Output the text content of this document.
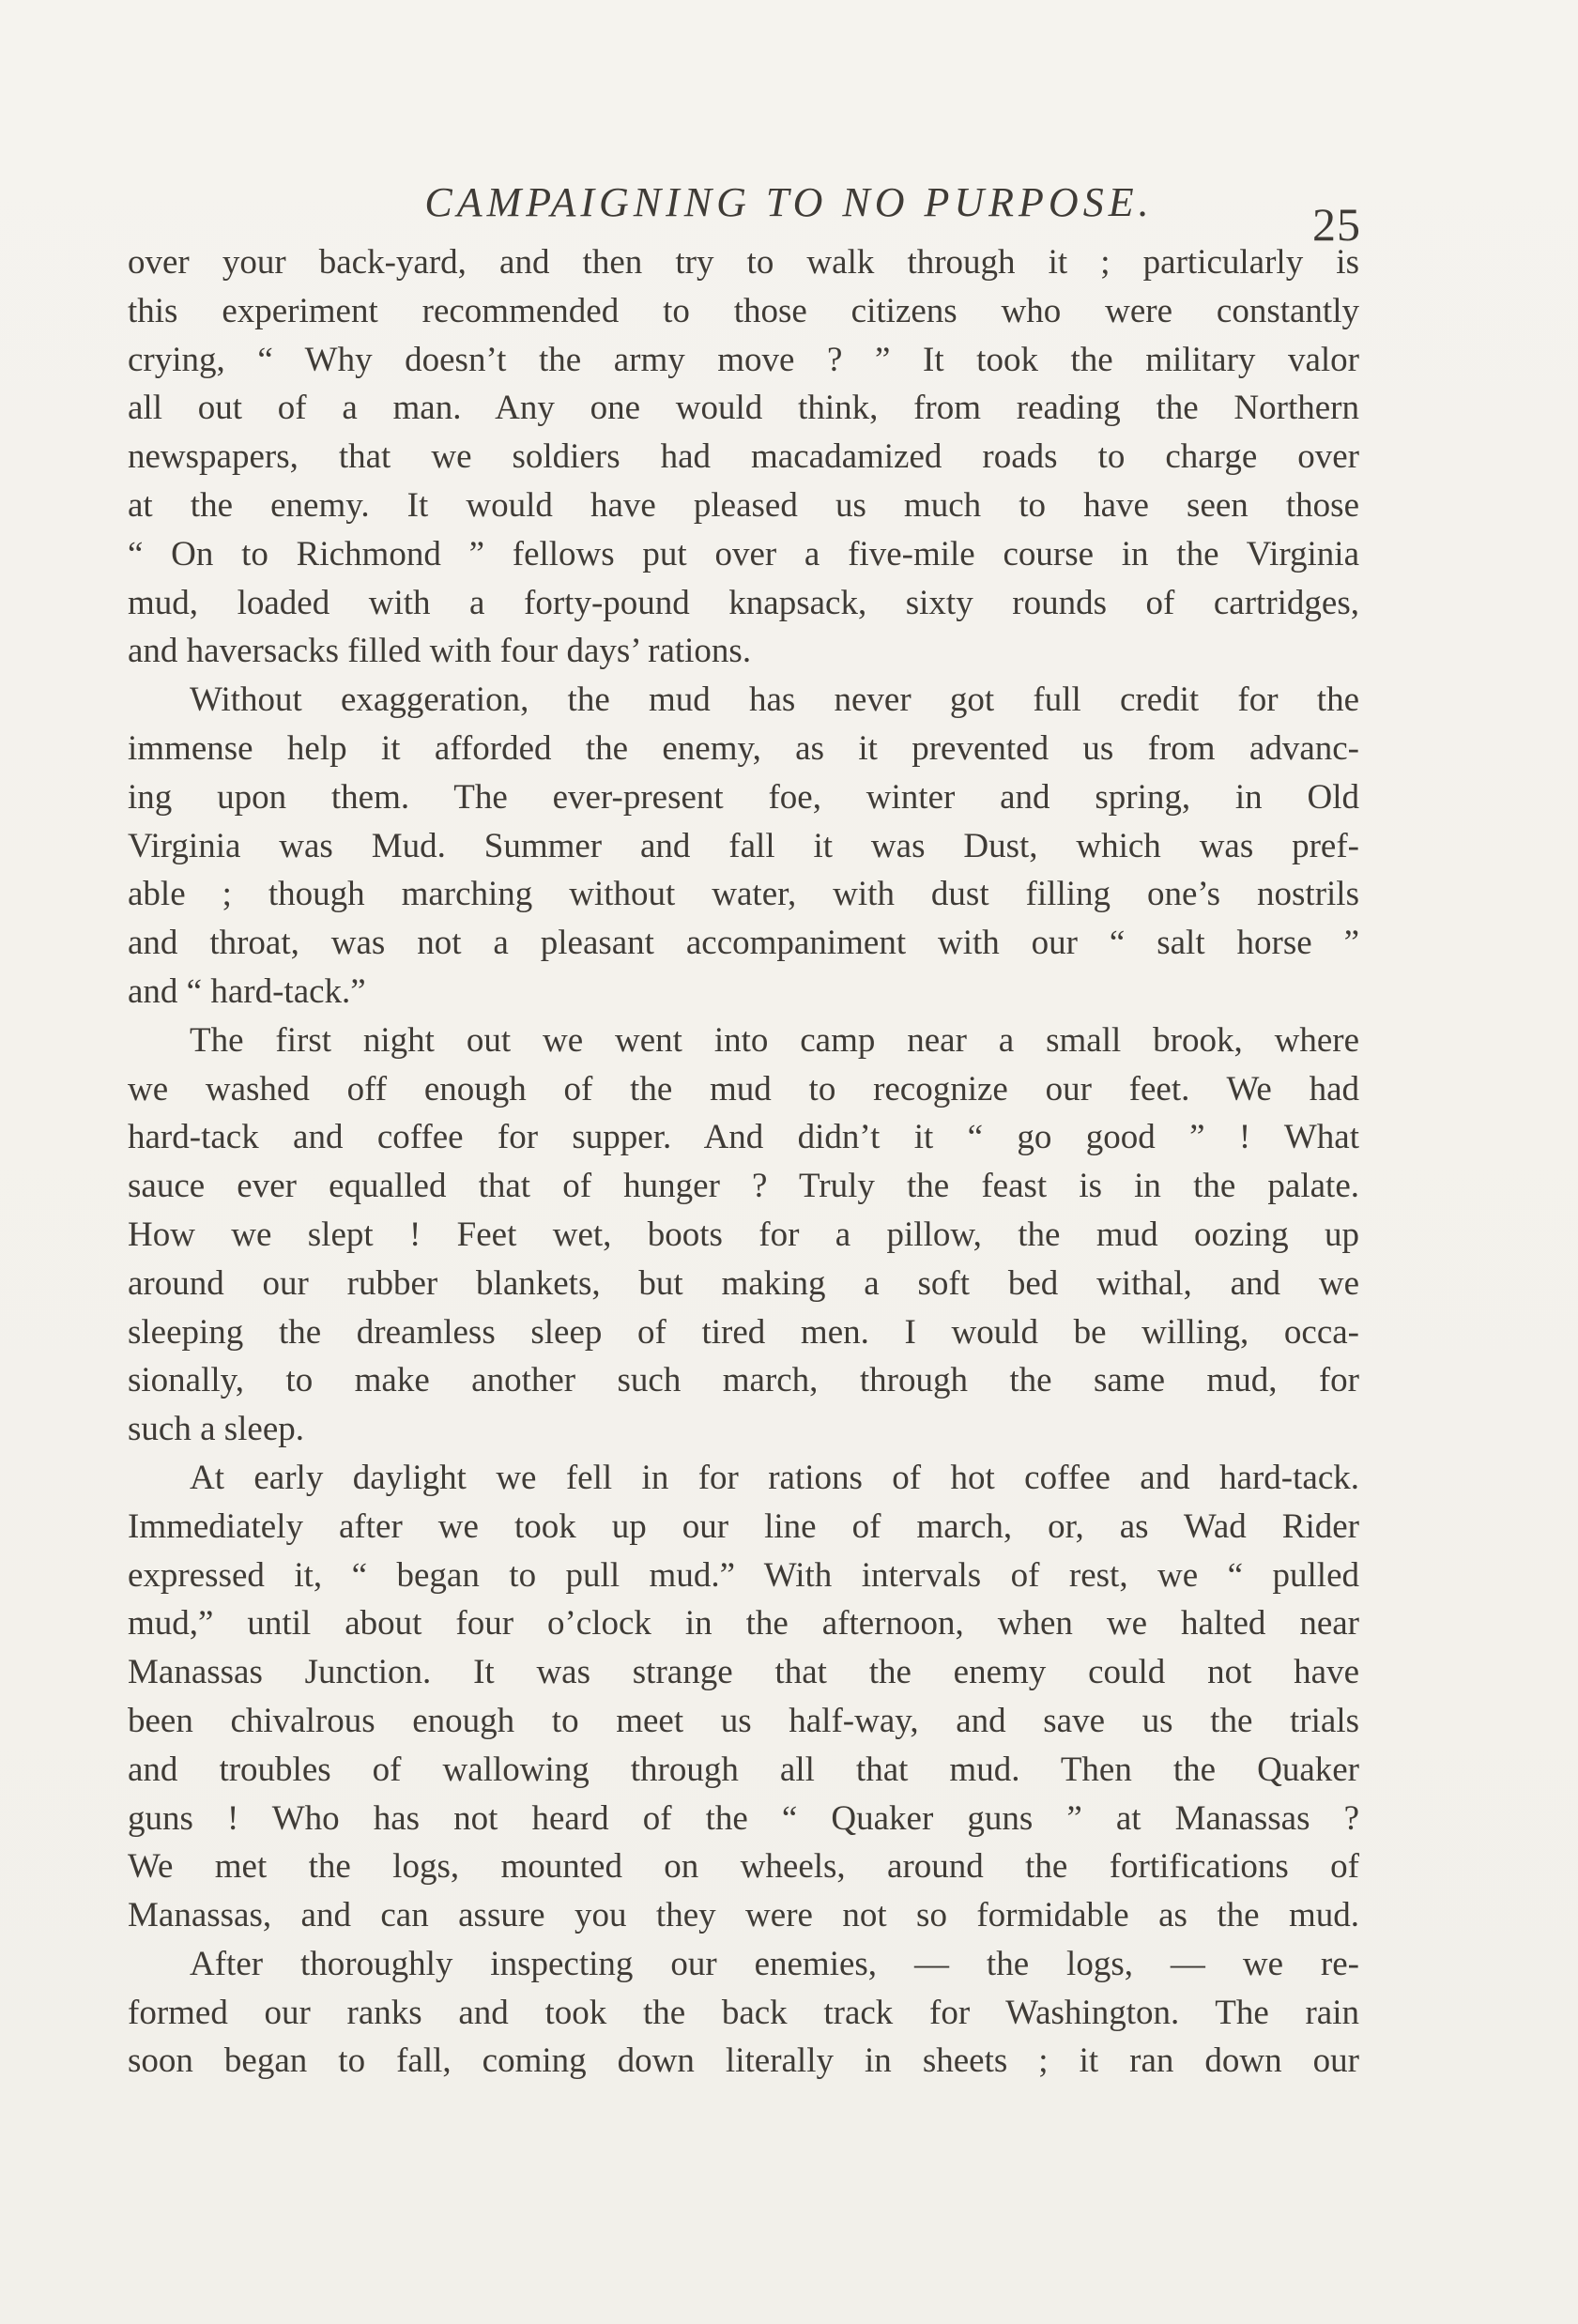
CAMPAIGNING TO NO PURPOSE.	25
over your back-yard, and then try to walk through it ; particularly is
this experiment recommended to those citizens who were constantly
crying, “ Why doesn’t the army move ? ” It took the military valor
all out of a man. Any one would think, from reading the Northern
newspapers, that we soldiers had macadamized roads to charge over
at the enemy. It would have pleased us much to have seen those
“ On to Richmond ” fellows put over a five-mile course in the Virginia
mud, loaded with a forty-pound knapsack, sixty rounds of cartridges,
and haversacks filled with four days’ rations.
Without exaggeration, the mud has never got full credit for the
immense help it afforded the enemy, as it prevented us from advanc-
ing upon them. The ever-present foe, winter and spring, in Old
Virginia was Mud. Summer and fall it was Dust, which was pref-
able ; though marching without water, with dust filling one’s nostrils
and throat, was not a pleasant accompaniment with our “ salt horse ”
and “ hard-tack.”
The first night out we went into camp near a small brook, where
we washed off enough of the mud to recognize our feet. We had
hard-tack and coffee for supper. And didn’t it “ go good ” ! What
sauce ever equalled that of hunger ? Truly the feast is in the palate.
How we slept ! Feet wet, boots for a pillow, the mud oozing up
around our rubber blankets, but making a soft bed withal, and we
sleeping the dreamless sleep of tired men. I would be willing, occa-
sionally, to make another such march, through the same mud, for
such a sleep.
At early daylight we fell in for rations of hot coffee and hard-tack.
Immediately after we took up our line of march, or, as Wad Rider
expressed it, “ began to pull mud.” With intervals of rest, we “ pulled
mud,” until about four o’clock in the afternoon, when we halted near
Manassas Junction. It was strange that the enemy could not have
been chivalrous enough to meet us half-way, and save us the trials
and troubles of wallowing through all that mud. Then the Quaker
guns ! Who has not heard of the “ Quaker guns ” at Manassas ?
We met the logs, mounted on wheels, around the fortifications of
Manassas, and can assure you they were not so formidable as the mud.
After thoroughly inspecting our enemies, — the logs, — we re-
formed our ranks and took the back track for Washington. The rain
soon began to fall, coming down literally in sheets ; it ran down our
